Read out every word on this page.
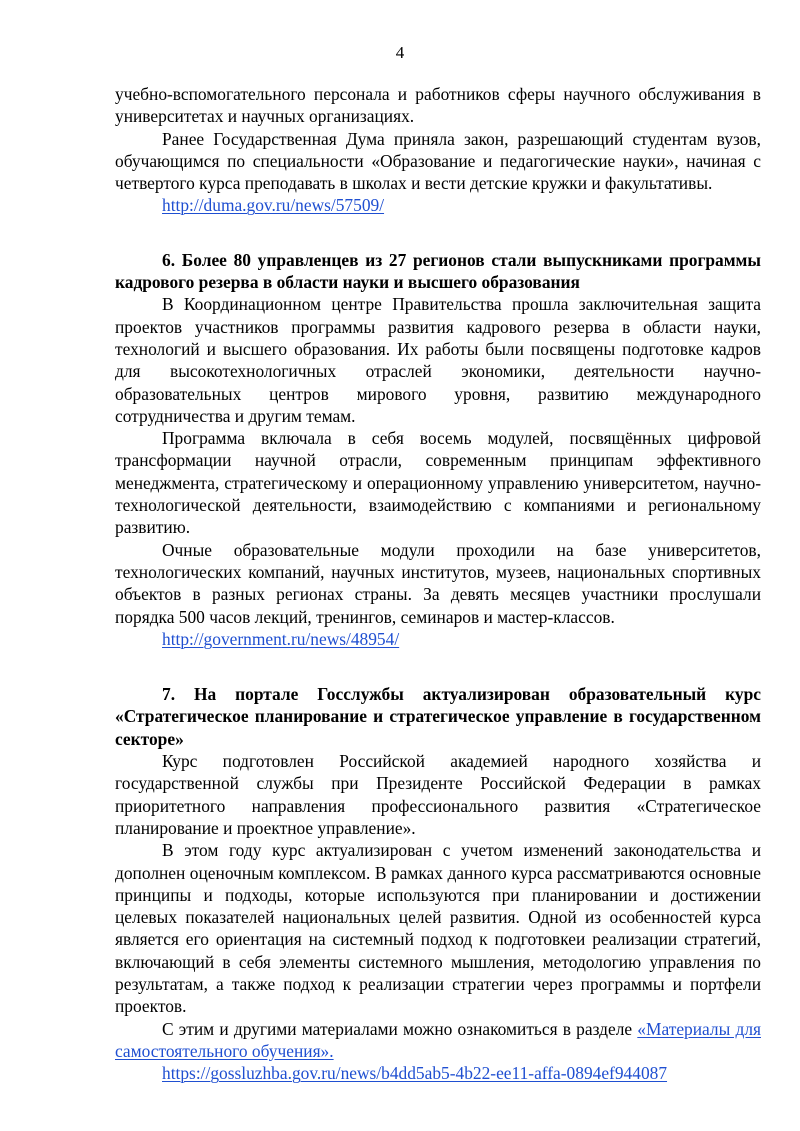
4

учебно-вспомогательного персонала и работников сферы научного обслуживания в университетах и научных организациях.

Ранее Государственная Дума приняла закон, разрешающий студентам вузов, обучающимся по специальности «Образование и педагогические науки», начиная с четвертого курса преподавать в школах и вести детские кружки и факультативы.

http://duma.gov.ru/news/57509/

6. Более 80 управленцев из 27 регионов стали выпускниками программы кадрового резерва в области науки и высшего образования

В Координационном центре Правительства прошла заключительная защита проектов участников программы развития кадрового резерва в области науки, технологий и высшего образования. Их работы были посвящены подготовке кадров для высокотехнологичных отраслей экономики, деятельности научно-образовательных центров мирового уровня, развитию международного сотрудничества и другим темам.

Программа включала в себя восемь модулей, посвящённых цифровой трансформации научной отрасли, современным принципам эффективного менеджмента, стратегическому и операционному управлению университетом, научно-технологической деятельности, взаимодействию с компаниями и региональному развитию.

Очные образовательные модули проходили на базе университетов, технологических компаний, научных институтов, музеев, национальных спортивных объектов в разных регионах страны. За девять месяцев участники прослушали порядка 500 часов лекций, тренингов, семинаров и мастер-классов.

http://government.ru/news/48954/

7. На портале Госслужбы актуализирован образовательный курс «Стратегическое планирование и стратегическое управление в государственном секторе»

Курс подготовлен Российской академией народного хозяйства и государственной службы при Президенте Российской Федерации в рамках приоритетного направления профессионального развития «Стратегическое планирование и проектное управление».

В этом году курс актуализирован с учетом изменений законодательства и дополнен оценочным комплексом. В рамках данного курса рассматриваются основные принципы и подходы, которые используются при планировании и достижении целевых показателей национальных целей развития. Одной из особенностей курса является его ориентация на системный подход к подготовкеи реализации стратегий, включающий в себя элементы системного мышления, методологию управления по результатам, а также подход к реализации стратегии через программы и портфели проектов.

С этим и другими материалами можно ознакомиться в разделе «Материалы для самостоятельного обучения».

https://gossluzhba.gov.ru/news/b4dd5ab5-4b22-ee11-affa-0894ef944087
